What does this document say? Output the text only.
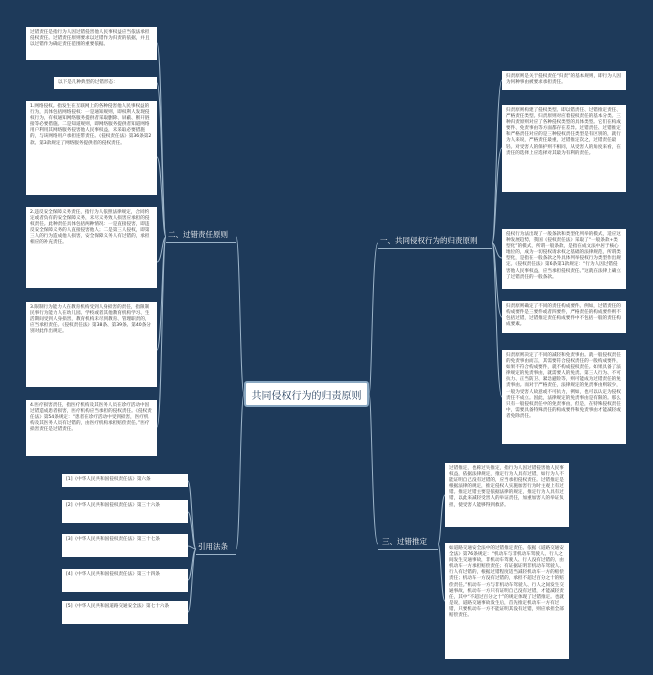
共同侵权行为的归责原则
一、共同侵权行为的归责原则
归责原则是关于侵权责任“归责”的基本规则，即行为人因为何种事由被要求承担责任。
归责原则构建了侵权类型。即以错责任、过错推定责任、严格责任类型。归责原则对应着侵权责任的基本分类。三种归责原则对应了各种侵权类型的具体类型。它们在构成要件、免责事由等方面都存在差异。过错责任、过错推定和严格责任对应的是三种侵权责任类型是有区别的，就行为人来说，严格责任最重，过错推定次之，过错责任最轻。对受害人的保护则不相同，从受害人的角度来看，在责任的选择上应选择对其最为有利的责任。
侵权行为法出现了一般条款和类型化列举的模式，适应这种发展趋势，我国《侵权责任法》采取了“一般条款+类型化”的模式，所谓一般条款，是指在成文法中居于核心地位的，成为一切侵权请求权之基础的法律规范，所谓类型化，是指在一般条款之外具体列举侵权行为类型作出规定。《侵权责任法》第6条第1款规定：“行为人因过错侵害他人民事权益，应当承担侵权责任。”这就在法律上确立了过错责任的一般条款。
归责原则确定了不同的责任构成要件。例如，过错责任的构成要件是三要件或者四要件，严格责任的构成要件则不包括过错，过错推定责任构成要件中不包括一般的责任构成要素。
归责原则决定了不同的减轻和免责事由。就一般侵权责任的免责事由而言，其需要符合侵权责任的一般构成要件，如果不符合构成要件，就不构成侵权责任。如果具备了法律规定的免责事由，就需要人的免责。第三人行为、不可抗力、正当防卫、紧急避险等，则可能成为过错责任的免责事由。而对于严格责任，法律规定的免责事由则较少，一般为受害人故意或不可抗力，例如，也可以认定为侵权责任不成立。因此，法律规定的免责事由是有限的。那么只有一般侵权责任中的免责事由，但是，在特殊侵权责任中，需要具备特殊责任的构成要件和免责事由才能减轻或者免除责任。
三、过错推定
过错推定，也称过失推定，指行为人因过错侵害他人民事权益，依据法律规定，推定行为人具有过错，如行为人不能证明自己没有过错的，应当承担侵权责任。过错推定是根据法律的规定，推定侵权人实施加害行为时主观上有过错。推定过错主要是依据法律的规定，推定行为人具有过错，以此来减轻受害人的举证责任，加重加害人的举证负担，使受害人能够得到救济。
如道路交通安全法中的过错推定责任。依据《道路交通安全法》第76条规定：“机动车与非机动车驾驶人、行人之间发生交通事故，非机动车驾驶人、行人没有过错的，由机动车一方承担赔偿责任；有证据证明非机动车驾驶人、行人有过错的，根据过错程度适当减轻机动车一方的赔偿责任；机动车一方没有过错的，承担不超过百分之十的赔偿责任。”机动车一方与非机动车驾驶人、行人之间发生交通事故，机动车一方只有证明自己没有过错，才能减轻责任，其中“不超过百分之十”的规定体现了过错推定。也就是说，道路交通事故发生后，首先推定机动车一方有过错，只要机动车一方不能证明其没有过错，则应承担全部赔偿责任。
二、过错责任原则
过错责任是指行为人因过错侵害他人民事权益应当依法承担侵权责任。过错责任原则要求以过错作为归责的依据，并且以过错作为确定责任范围的重要依据。
以下是几种典型的过错形态：
1.网络侵权。指发生在互联网上的各种侵害他人民事权益的行为，具体包括网络侵权：一是通知规则，即权利人发现侵权行为，有权通知网络服务提供者采取删除、屏蔽、断开链接等必要措施。二是知道规则，即网络服务提供者知道网络用户利用其网络服务侵害他人民事权益，未采取必要措施的，与该网络用户承担连带责任。《侵权责任法》第36条第2款、第3款规定了网络服务提供者的侵权责任。
2.违反安全保障义务责任，指行为人依照法律规定，合同约定或者负有的安全保障义务，未尽义务致人损害应承担的侵权责任。此种责任具体包括两种情况：一是直接侵害，即违反安全保障义务的人直接侵害他人；二是第三人侵权，即第三人的行为造成他人损害，安全保障义务人有过错的，承担相应的补充责任。
3.限制行为能力人在教育机构受到人身损害的责任，指限制民事行为能力人在幼儿园、学校或者其他教育机构学习、生活期间受到人身损害，教育机构未尽到教育、管理职责的，应当承担责任。《侵权责任法》第38条、第39条、第40条分别对此作出规定。
4.医疗损害责任，指医疗机构及其医务人员在诊疗活动中因过错造成患者损害，医疗机构应当承担的侵权责任。《侵权责任法》第54条规定：“患者在诊疗活动中受到损害，医疗机构及其医务人员有过错的，由医疗机构承担赔偿责任。”医疗损害责任是过错责任。
引用法条
[1]《中华人民共和国侵权责任法》第六条
[2]《中华人民共和国侵权责任法》第三十六条
[3]《中华人民共和国侵权责任法》第三十七条
[4]《中华人民共和国侵权责任法》第三十四条
[5]《中华人民共和国道路交通安全法》第七十六条
